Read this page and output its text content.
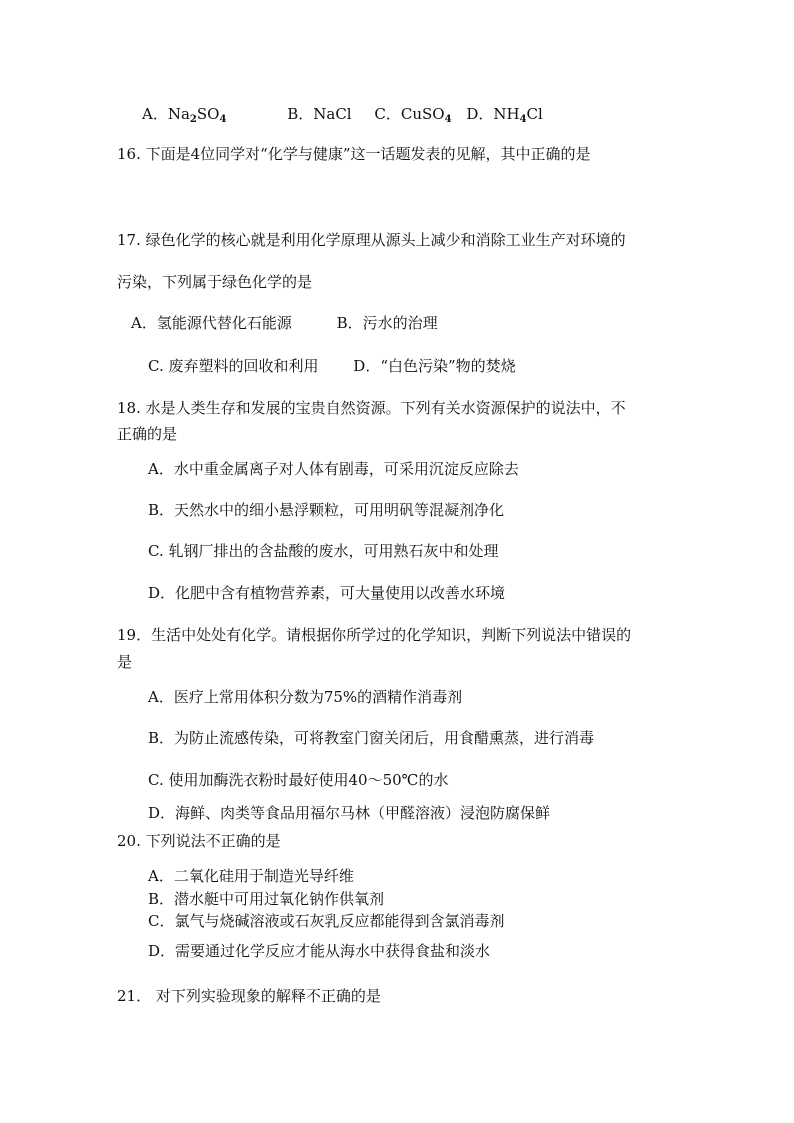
A．$Na_2SO_4$	B．NaCl C．CuSO$_4$ D．$NH_4Cl$
16. 下面是4位同学对“化学与健康”这一话题发表的见解，其中正确的是
17. 绿色化学的核心就是利用化学原理从源头上减少和消除工业生产对环境的
污染，下列属于绿色化学的是
A．氢能源代替化石能源	B．污水的治理
C. 废弃塑料的回收和利用 D．“白色污染”物的焚烧
18. 水是人类生存和发展的宝贵自然资源。下列有关水资源保护的说法中，不
正确的是
A．水中重金属离子对人体有剧毒，可采用沉淀反应除去
B．天然水中的细小悬浮颗粒，可用明矾等混凝剂净化
C. 轧钢厂排出的含盐酸的废水，可用熟石灰中和处理
D．化肥中含有植物营养素，可大量使用以改善水环境
19．生活中处处有化学。请根据你所学过的化学知识，判断下列说法中错误的
是
A．医疗上常用体积分数为75%的酒精作消毒剂
B．为防止流感传染，可将教室门窗关闭后，用食醋熏蒸，进行消毒
C. 使用加酶洗衣粉时最好使用40～50℃的水
D．海鲜、肉类等食品用福尔马林（甲醛溶液）浸泡防腐保鲜
20. 下列说法不正确的是
A．二氧化硅用于制造光导纤维
B．潜水艇中可用过氧化钠作供氧剂
C．氯气与烧碱溶液或石灰乳反应都能得到含氯消毒剂
D．需要通过化学反应才能从海水中获得食盐和淡水
21． 对下列实验现象的解释不正确的是
